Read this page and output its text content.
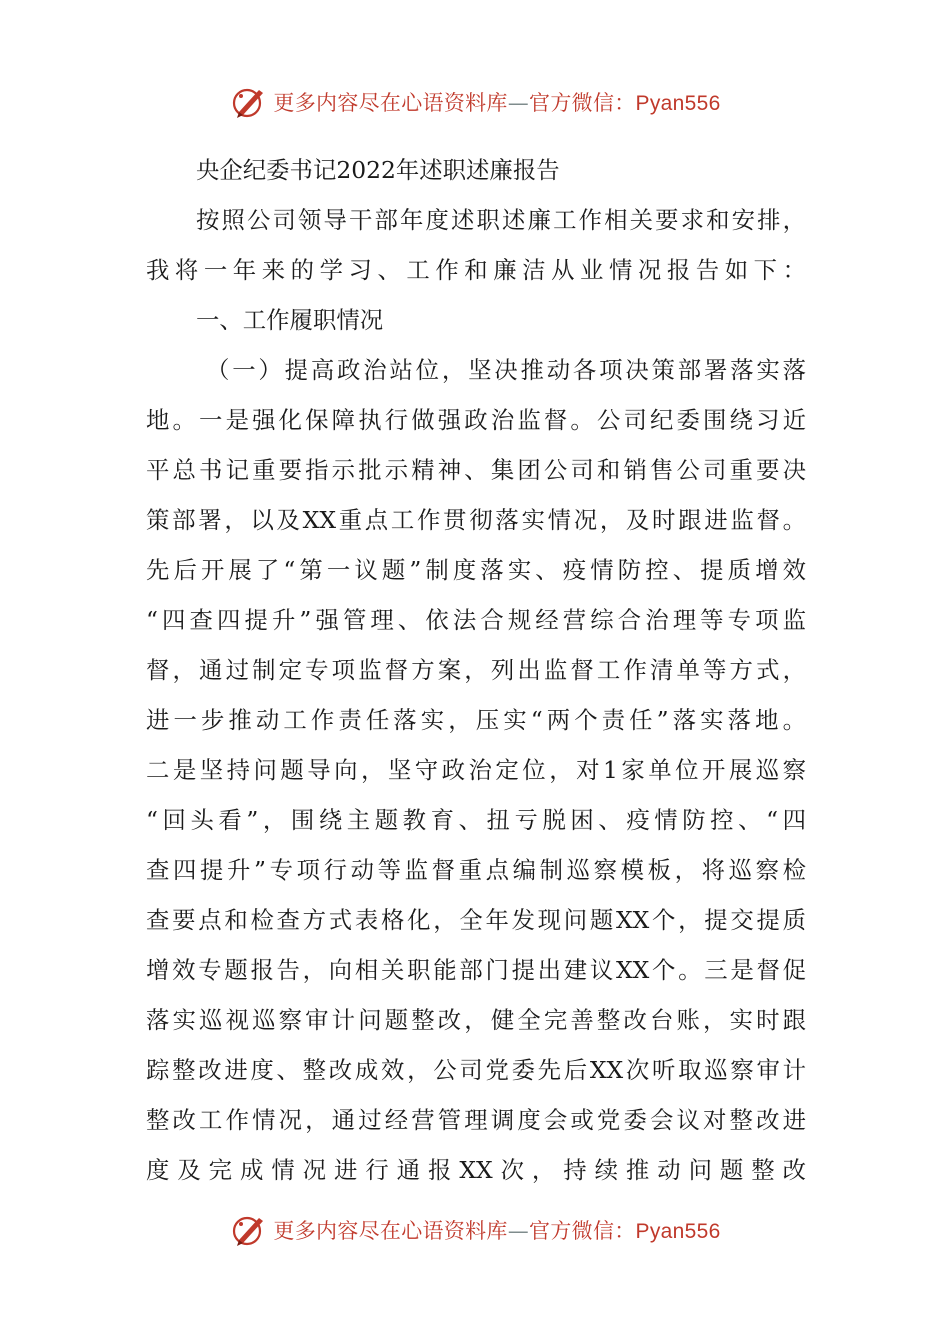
更多内容尽在心语资料库—官方微信：Pyan556
央企纪委书记2022年述职述廉报告
按照公司领导干部年度述职述廉工作相关要求和安排，
我将一年来的学习、工作和廉洁从业情况报告如下：
一、工作履职情况
（一）提高政治站位，坚决推动各项决策部署落实落
地。一是强化保障执行做强政治监督。公司纪委围绕习近
平总书记重要指示批示精神、集团公司和销售公司重要决
策部署，以及XX重点工作贯彻落实情况，及时跟进监督。
先后开展了“第一议题”制度落实、疫情防控、提质增效
“四查四提升”强管理、依法合规经营综合治理等专项监
督，通过制定专项监督方案，列出监督工作清单等方式，
进一步推动工作责任落实，压实“两个责任”落实落地。
二是坚持问题导向，坚守政治定位，对1家单位开展巡察
“回头看”，围绕主题教育、扭亏脱困、疫情防控、“四
查四提升”专项行动等监督重点编制巡察模板，将巡察检
查要点和检查方式表格化，全年发现问题XX个，提交提质
增效专题报告，向相关职能部门提出建议XX个。三是督促
落实巡视巡察审计问题整改，健全完善整改台账，实时跟
踪整改进度、整改成效，公司党委先后XX次听取巡察审计
整改工作情况，通过经营管理调度会或党委会议对整改进
度及完成情况进行通报XX次，持续推动问题整改
更多内容尽在心语资料库—官方微信：Pyan556
